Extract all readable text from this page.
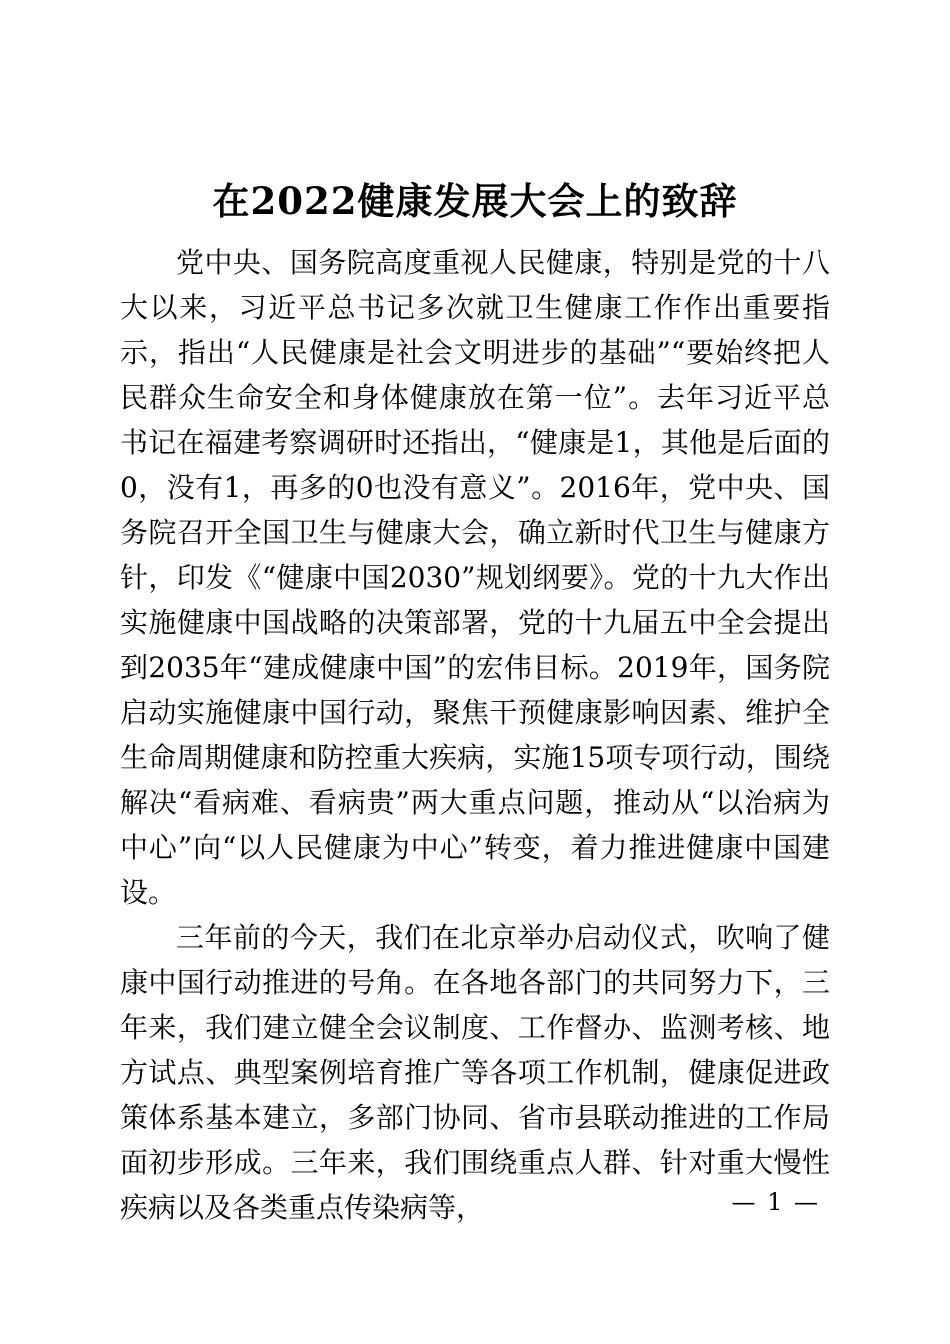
在2022健康发展大会上的致辞

党中央、国务院高度重视人民健康，特别是党的十八大以来，习近平总书记多次就卫生健康工作作出重要指示，指出“人民健康是社会文明进步的基础”“要始终把人民群众生命安全和身体健康放在第一位”。去年习近平总书记在福建考察调研时还指出，“健康是1，其他是后面的0，没有1，再多的0也没有意义”。2016年，党中央、国务院召开全国卫生与健康大会，确立新时代卫生与健康方针，印发《“健康中国2030”规划纲要》。党的十九大作出实施健康中国战略的决策部署，党的十九届五中全会提出到2035年“建成健康中国”的宏伟目标。2019年，国务院启动实施健康中国行动，聚焦干预健康影响因素、维护全生命周期健康和防控重大疾病，实施15项专项行动，围绕解决“看病难、看病贵”两大重点问题，推动从“以治病为中心”向“以人民健康为中心”转变，着力推进健康中国建设。

三年前的今天，我们在北京举办启动仪式，吹响了健康中国行动推进的号角。在各地各部门的共同努力下，三年来，我们建立健全会议制度、工作督办、监测考核、地方试点、典型案例培育推广等各项工作机制，健康促进政策体系基本建立，多部门协同、省市县联动推进的工作局面初步形成。三年来，我们围绕重点人群、针对重大慢性疾病以及各类重点传染病等，	— 1 —
